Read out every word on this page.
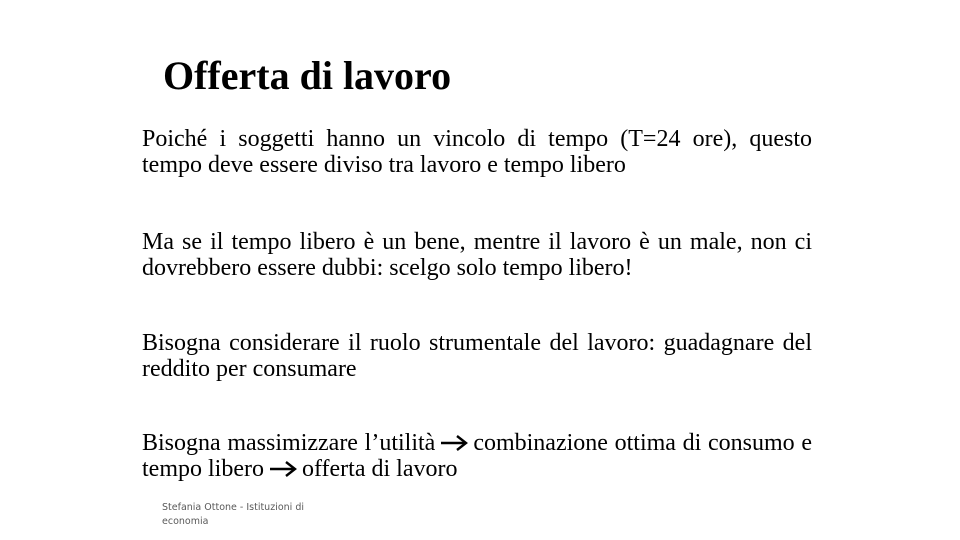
Offerta di lavoro
Poiché i soggetti hanno un vincolo di tempo (T=24 ore), questo tempo deve essere diviso tra lavoro e tempo libero
Ma se il tempo libero è un bene, mentre il lavoro è un male, non ci dovrebbero essere dubbi: scelgo solo tempo libero!
Bisogna considerare il ruolo strumentale del lavoro: guadagnare del reddito per consumare
Bisogna massimizzare l’utilità combinazione ottima di consumo e tempo libero offerta di lavoro
Stefania Ottone - Istituzioni di economia
